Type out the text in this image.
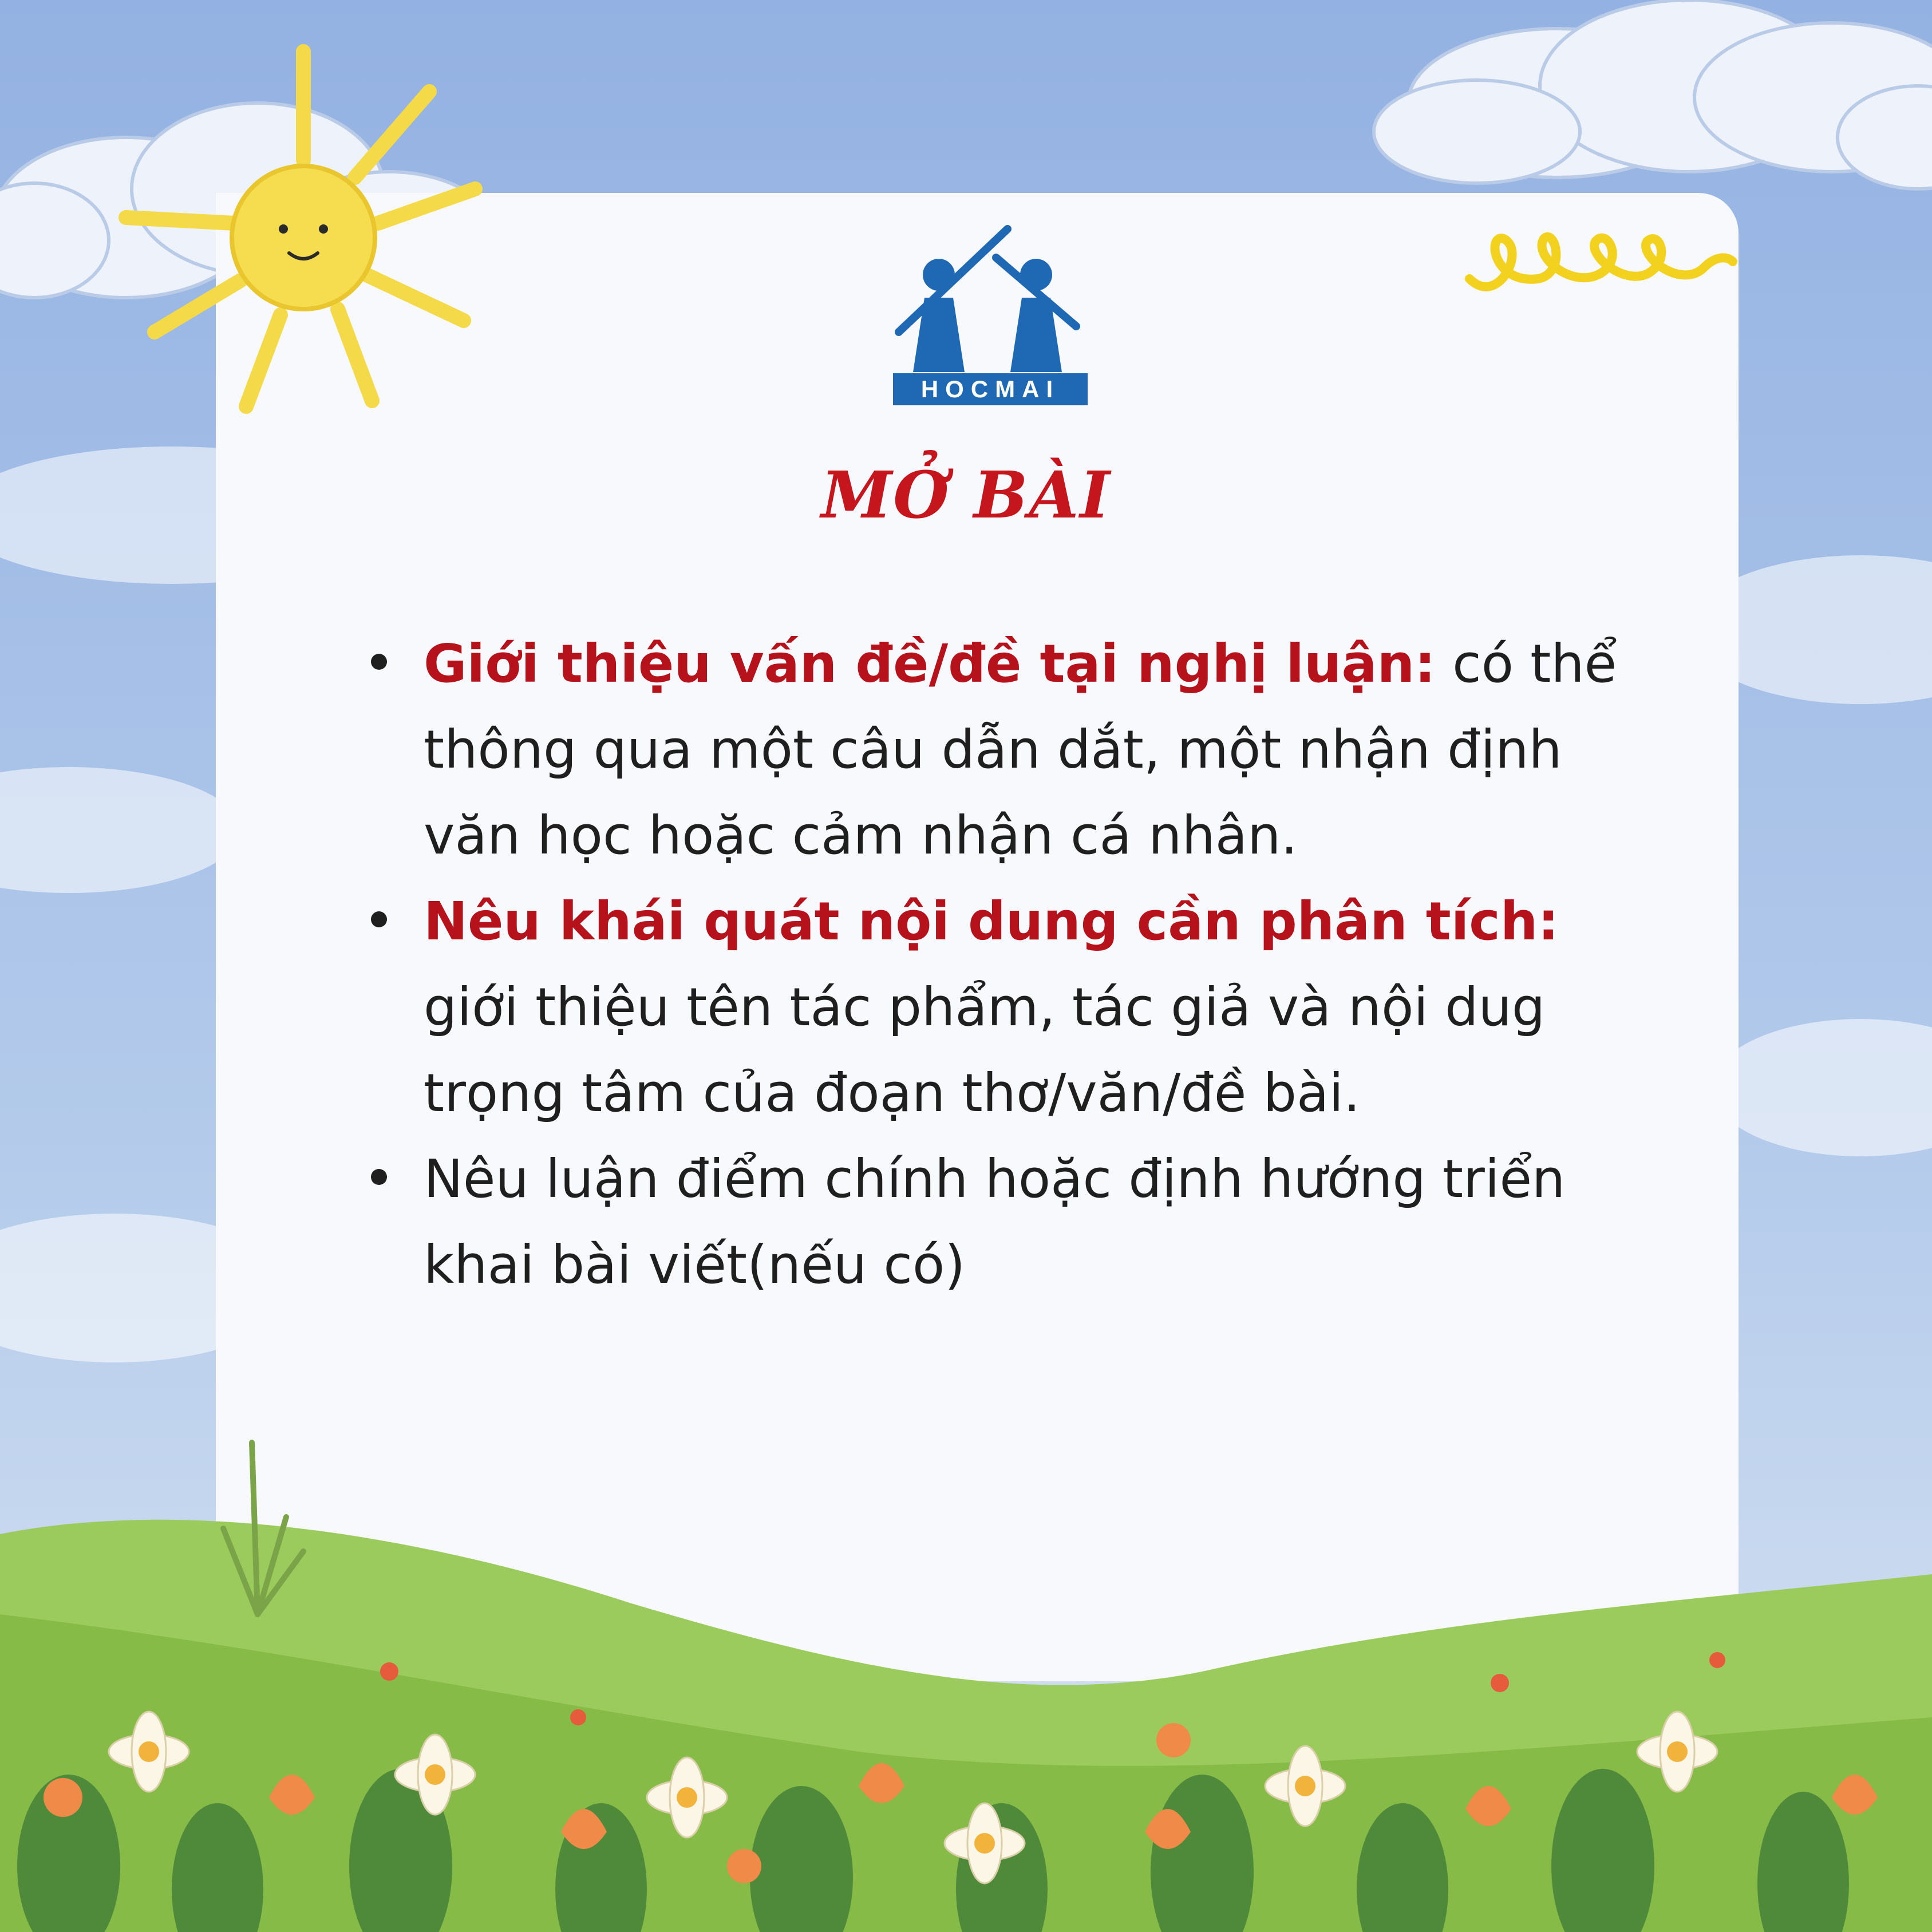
HOCMAI
MỞ BÀI
Giới thiệu vấn đề/đề tại nghị luận: có thể thông qua một câu dẫn dắt, một nhận định văn học hoặc cảm nhận cá nhân.
Nêu khái quát nội dung cần phân tích: giới thiệu tên tác phẩm, tác giả và nội dug trọng tâm của đoạn thơ/văn/đề bài.
Nêu luận điểm chính hoặc định hướng triển khai bài viết(nếu có)
